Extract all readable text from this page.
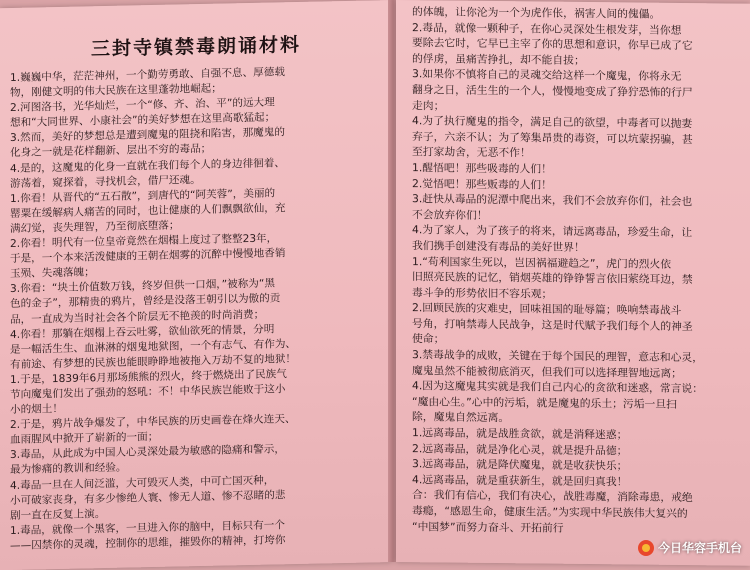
三封寺镇禁毒朗诵材料
1.巍巍中华，茫茫神州，一个勤劳勇敢、自强不息、厚德载
物，刚健文明的伟大民族在这里蓬勃地崛起；
2.河图洛书，光华灿烂，一个“修、齐、治、平”的远大理
想和“大同世界、小康社会”的美好梦想在这里高歌猛起；
3.然而，美好的梦想总是遭到魔鬼的阻挠和陷害，那魔鬼的
化身之一就是花样翻新、层出不穷的毒品；
4.是的，这魔鬼的化身一直就在我们每个人的身边徘徊着、
游荡着，窥探着，寻找机会，借尸还魂。
1.你看！从晋代的“五石散”，到唐代的“阿芙蓉”，美丽的
罂粟在缓解病人痛苦的同时，也让健康的人们飘飘欲仙，充
满幻觉，丧失理智，乃至彻底堕落；
2.你看！明代有一位皇帝竟然在烟榻上度过了整整23年，
于是，一个本来活泼健康的王朝在烟雾的沉醉中慢慢地香销
玉殒、失魂落魄；
3.你看：“块土价值数万钱，终岁但供一口烟，”被称为“黑
色的金子”，那精贵的鸦片，曾经是没落王朝引以为傲的贡
品，一直成为当时社会各个阶层无不艳羡的时尚消费；
4.你看！那躺在烟榻上吞云吐雾，欲仙欲死的情景，分明
是一幅活生生、血淋淋的烟鬼地狱图，一个有志气、有作为、
有前途、有梦想的民族也能眼睁睁地被拖入万劫不复的地狱！
1.于是，1839年6月那场熊熊的烈火，终于燃烧出了民族气
节向魔鬼们发出了强劲的怒吼：不！中华民族岂能败于这小
小的烟土！
2.于是，鸦片战争爆发了，中华民族的历史画卷在烽火连天、
血雨腥风中掀开了崭新的一面；
3.毒品，从此成为中国人心灵深处最为敏感的隐痛和警示，
最为惨痛的教训和经验。
4.毒品一旦在人间泛滥，大可毁灭人类，中可亡国灭种，
小可破家丧身，有多少惨绝人寰、惨无人道、惨不忍睹的悲
剧一直在反复上演。
1.毒品，就像一个黑客，一旦进入你的脑中，目标只有一个
——囚禁你的灵魂，控制你的思维，摧毁你的精神，打垮你
的体魄，让你沦为一个为虎作伥，祸害人间的傀儡。
2.毒品，就像一颗种子，在你心灵深处生根发芽，当你想
要除去它时，它早已主宰了你的思想和意识，你早已成了它
的俘虏，虽痛苦挣扎，却不能自拔；
3.如果你不慎将自己的灵魂交给这样一个魔鬼，你将永无
翻身之日，活生生的一个人，慢慢地变成了狰狞恐怖的行尸
走肉；
4.为了执行魔鬼的指令，满足自己的欲望，中毒者可以抛妻
弃子，六亲不认；为了筹集昂贵的毒资，可以坑蒙拐骗，甚
至打家劫舍，无恶不作！
1.醒悟吧！那些吸毒的人们！
2.觉悟吧！那些贩毒的人们！
3.赶快从毒品的泥潭中爬出来，我们不会放弃你们，社会也
不会放弃你们！
4.为了家人，为了孩子的将来，请远离毒品，珍爱生命，让
我们携手创建没有毒品的美好世界！
1.“苟利国家生死以，岂因祸福避趋之”，虎门的烈火依
旧照亮民族的记忆，销烟英雄的铮铮誓言依旧萦绕耳边，禁
毒斗争的形势依旧不容乐观；
2.回顾民族的灾难史，回味祖国的耻辱篇；唤响禁毒战斗
号角，打响禁毒人民战争，这是时代赋予我们每个人的神圣
使命；
3.禁毒战争的成败，关键在于每个国民的理智，意志和心灵，
魔鬼虽然不能被彻底消灭，但我们可以选择理智地远离；
4.因为这魔鬼其实就是我们自己内心的贪欲和迷惑，常言说：
“魔由心生。”心中的污垢，就是魔鬼的乐土；污垢一旦扫
除，魔鬼自然远离。
1.远离毒品，就是战胜贪欲，就是消释迷惑；
2.远离毒品，就是净化心灵，就是提升品德；
3.远离毒品，就是降伏魔鬼，就是收获快乐；
4.远离毒品，就是重获新生，就是回归真我！
合：我们有信心，我们有决心，战胜毒魔，消除毒患，戒绝
毒瘾，“感恩生命，健康生活。”为实现中华民族伟大复兴的
“中国梦”而努力奋斗、开拓前行
今日华容手机台
